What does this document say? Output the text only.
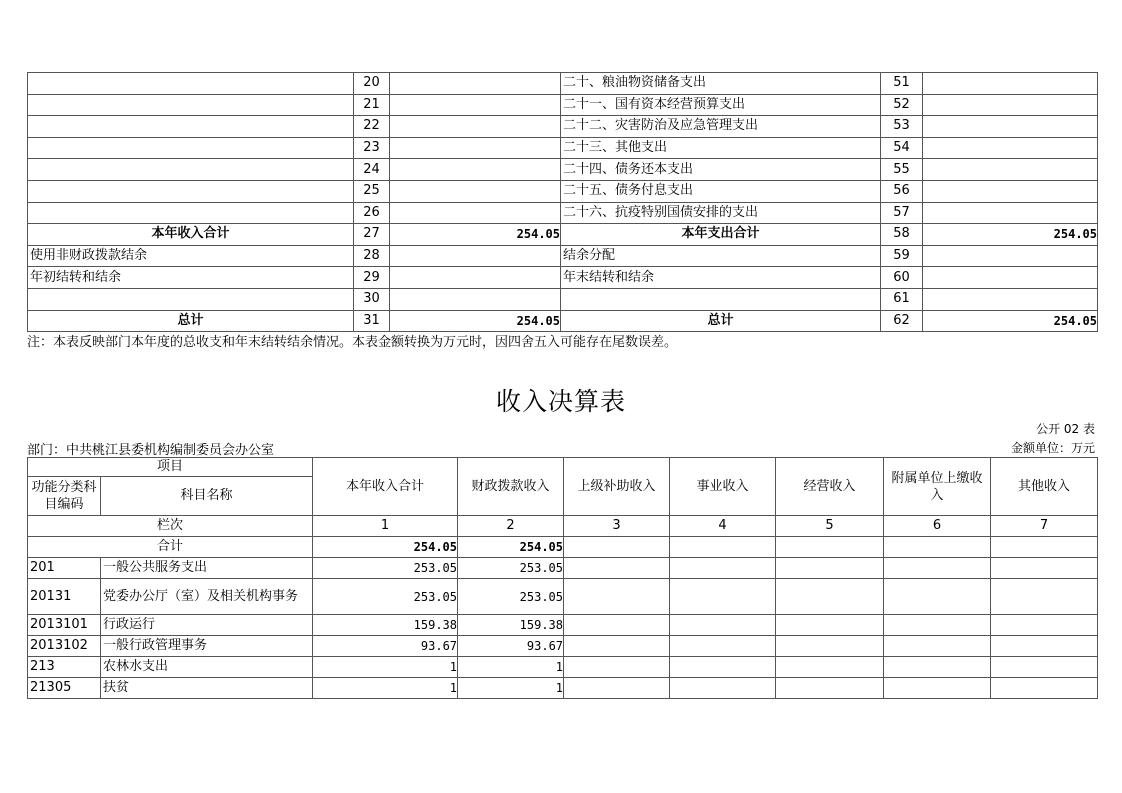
	20		二十、粮油物资储备支出	51	
	21		二十一、国有资本经营预算支出	52	
	22		二十二、灾害防治及应急管理支出	53	
	23		二十三、其他支出	54	
	24		二十四、债务还本支出	55	
	25		二十五、债务付息支出	56	
	26		二十六、抗疫特别国债安排的支出	57	
本年收入合计	27	254.05	本年支出合计	58	254.05
使用非财政拨款结余	28		结余分配	59	
年初结转和结余	29		年末结转和结余	60	
	30			61	
总计	31	254.05	总计	62	254.05
注：本表反映部门本年度的总收支和年末结转结余情况。本表金额转换为万元时，因四舍五入可能存在尾数误差。
收入决算表
公开 02 表
部门：中共桃江县委机构编制委员会办公室	金额单位：万元
项目		本年收入合计	财政拨款收入	上级补助收入	事业收入	经营收入	附属单位上缴收入	其他收入
功能分类科目编码	科目名称							

栏次		1	2	3	4	5	6	7
合计		254.05	254.05					
201	一般公共服务支出	253.05	253.05					
20131	党委办公厅（室）及相关机构事务	253.05	253.05					
2013101	行政运行	159.38	159.38					
2013102	一般行政管理事务	93.67	93.67					
213	农林水支出	1	1					
21305	扶贫	1	1					
